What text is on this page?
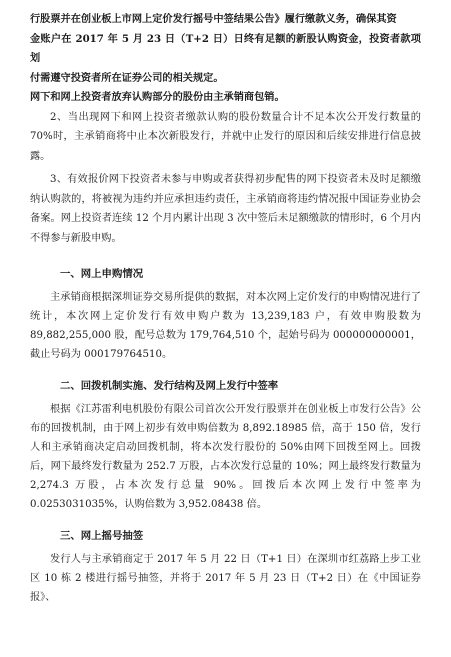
行股票并在创业板上市网上定价发行摇号中签结果公告》履行缴款义务，确保其资

金账户在 2017 年 5 月 23 日（T+2 日）日终有足额的新股认购资金，投资者款项划

付需遵守投资者所在证券公司的相关规定。

网下和网上投资者放弃认购部分的股份由主承销商包销。

2、当出现网下和网上投资者缴款认购的股份数量合计不足本次公开发行数量的70%时，主承销商将中止本次新股发行，并就中止发行的原因和后续安排进行信息披露。

3、有效报价网下投资者未参与申购或者获得初步配售的网下投资者未及时足额缴纳认购款的，将被视为违约并应承担违约责任，主承销商将违约情况报中国证券业协会备案。网上投资者连续 12 个月内累计出现 3 次中签后未足额缴款的情形时，6 个月内不得参与新股申购。

一、网上申购情况

主承销商根据深圳证券交易所提供的数据，对本次网上定价发行的申购情况进行了统计，本次网上定价发行有效申购户数为 13,239,183 户，有效申购股数为 89,882,255,000 股，配号总数为 179,764,510 个，起始号码为 000000000001，截止号码为 000179764510。

二、回拨机制实施、发行结构及网上发行中签率

根据《江苏雷利电机股份有限公司首次公开发行股票并在创业板上市发行公告》公布的回拨机制，由于网上初步有效申购倍数为 8,892.18985 倍，高于 150 倍，发行人和主承销商决定启动回拨机制，将本次发行股份的 50%由网下回拨至网上。回拨后，网下最终发行数量为 252.7 万股，占本次发行总量的 10%；网上最终发行数量为 2,274.3 万股，占本次发行总量 90%。回拨后本次网上发行中签率为 0.0253031035%，认购倍数为 3,952.08438 倍。

三、网上摇号抽签

发行人与主承销商定于 2017 年 5 月 22 日（T+1 日）在深圳市红荔路上步工业区 10 栋 2 楼进行摇号抽签，并将于 2017 年 5 月 23 日（T+2 日）在《中国证券报》、
